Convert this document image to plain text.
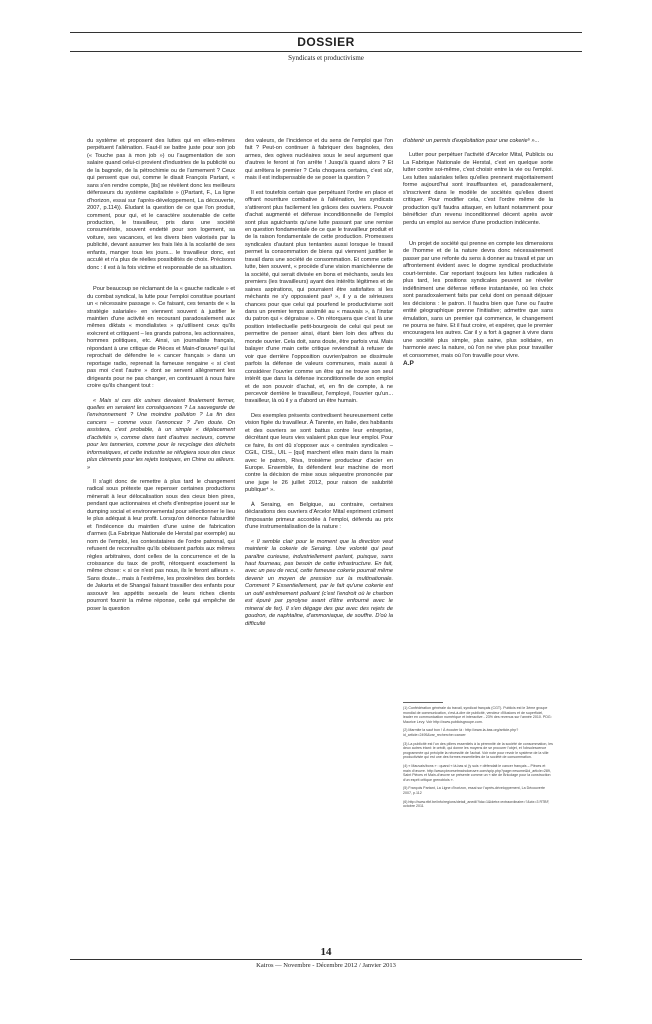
DOSSIER
Syndicats et productivisme

du système et proposent des luttes qui en elles-mêmes perpétuent l'aliénation. Faut-il se battre juste pour son job (« Touche pas à mon job ») ou l'augmentation de son salaire quand celui-ci provient d'industries de la publicité ou de la bagnole, de la pétrochimie ou de l'armement ? Ceux qui pensent que oui, comme le disait François Partant, « sans s'en rendre compte, [ils] se révèlent donc les meilleurs défenseurs du système capitaliste » ((Partant, F., La ligne d'horizon, essai sur l'après-développement, La découverte, 2007, p.114)). Éludant la question de ce que l'on produit, comment, pour qui, et le caractère soutenable de cette production, le travailleur, pris dans une société consumériste, souvent endetté pour son logement, sa voiture, ses vacances, et les divers bien valorisés par la publicité, devant assumer les frais liés à la scolarité de ses enfants, manger tous les jours... le travailleur donc, est acculé et n'a plus de réelles possibilités de choix. Précisons donc : il est à la fois victime et responsable de sa situation.

Pour beaucoup se réclamant de la « gauche radicale » et du combat syndical, la lutte pour l'emploi constitue pourtant un « nécessaire passage ». Ce faisant, ces tenants de « la stratégie salariale» en viennent souvent à justifier le maintien d'une activité en recourant paradoxalement aux mêmes diktats « mondialistes » qu'utilisent ceux qu'ils exècrent et critiquent – les grands patrons, les actionnaires, hommes politiques, etc. Ainsi, un journaliste français, répondant à une critique de Pièces et Main-d'œuvre² qui lui reprochait de défendre le « cancer français » dans un reportage radio, reprenait la fameuse rengaine « si c'est pas moi c'est l'autre » dont se servent allègrement les dirigeants pour ne pas changer, en continuant à nous faire croire qu'ils changent tout :

« Mais si ces dix usines devaient finalement fermer, quelles en seraient les conséquences ? La sauvegarde de l'environnement ? Une moindre pollution ? La fin des cancers – comme vous l'annoncez ? J'en doute. On assistera, c'est probable, à un simple « déplacement d'activités », comme dans tant d'autres secteurs, comme pour les tanneries, comme pour le recyclage des déchets informatiques, et cette industrie se réfugiera sous des cieux plus cléments pour les rejets toxiques, en Chine ou ailleurs. »

Il s'agit donc de remettre à plus tard le changement radical sous prétexte que repenser certaines productions mènerait à leur délocalisation sous des cieux bien pires, pendant que actionnaires et chefs d'entreprise jouent sur le dumping social et environnemental pour sélectionner le lieu le plus adéquat à leur profit. Lorsqu'on dénonce l'absurdité et l'indécence du maintien d'une usine de fabrication d'armes (La Fabrique Nationale de Herstal par exemple) au nom de l'emploi, les contestataires de l'ordre patronal, qui refusent de reconnaître qu'ils obéissent parfois aux mêmes règles arbitraires, dont celles de la concurrence et de la croissance du taux de profit, rétorquent exactement la même chose: « si ce n'est pas nous, ils le feront ailleurs ». Sans doute... mais à l'extrême, les proxénètes des bordels de Jakarta et de Shangaï faisant travailler des enfants pour assouvir les appétits sexuels de leurs riches clients pourront fournir la même réponse, celle qui empêche de poser la question

des valeurs, de l'incidence et du sens de l'emploi que l'on fait ? Peut-on continuer à fabriquer des bagnoles, des armes, des ogives nucléaires sous le seul argument que d'autres le feront si l'on arrête ! Jusqu'à quand alors ? Et qui arrêtera le premier ? Cela choquera certains, c'est sûr, mais il est indispensable de se poser la question ?

Il est toutefois certain que perpétuant l'ordre en place et offrant nourriture combative à l'aliénation, les syndicats s'attireront plus facilement les grâces des ouvriers. Pouvoir d'achat augmenté et défense inconditionnelle de l'emploi sont plus aguichants qu'une lutte passant par une remise en question fondamentale de ce que le travailleur produit et de la raison fondamentale de cette production. Promesses syndicales d'autant plus tentantes aussi lorsque le travail permet la consommation de biens qui viennent justifier le travail dans une société de consommation. Et comme cette lutte, bien souvent, « procède d'une vision manichéenne de la société, qui serait divisée en bons et méchants, seuls les premiers (les travailleurs) ayant des intérêts légitimes et de saines aspirations, qui pourraient être satisfaites si les méchants ne s'y opposaient pas³ », il y a de sérieuses chances pour que celui qui pourfend le productivisme soit dans un premier temps assimilé au « mauvais », à l'instar du patron qui « dégraisse ». On rétorquera que c'est là une position intellectuelle petit-bourgeois de celui qui peut se permettre de penser ainsi, étant bien loin des affres du monde ouvrier. Cela doit, sans doute, être parfois vrai. Mais balayer d'une main cette critique reviendrait à refuser de voir que derrière l'opposition ouvrier/patron se dissimule parfois la défense de valeurs communes, mais aussi à considérer l'ouvrier comme un être qui ne trouve son seul intérêt que dans la défense inconditionnelle de son emploi et de son pouvoir d'achat, et, en fin de compte, à ne percevoir derrière le travailleur, l'employé, l'ouvrier qu'un... travailleur, là où il y a d'abord un être humain.

Des exemples présents contredisent heureusement cette vision figée du travailleur. À Tarente, en Italie, des habitants et des ouvriers se sont battus contre leur entreprise, décrétant que leurs vies valaient plus que leur emploi. Pour ce faire, ils ont dû s'opposer aux « centrales syndicales – CGIL, CISL, UIL – [qui] marchent elles main dans la main avec le patron, Riva, troisième producteur d'acier en Europe. Ensemble, ils défendent leur machine de mort contre la décision de mise sous séquestre prononcée par une juge le 26 juillet 2012, pour raison de salubrité publique⁴ ».

À Seraing, en Belgique, au contraire, certaines déclarations des ouvriers d'Arcelor Mital expriment crûment l'imposante primeur accordée à l'emploi, défendu au prix d'une instrumentalisation de la nature :

« Il semble clair pour le moment que la direction veut maintenir la cokerie de Seraing. Une volonté qui peut paraître curieuse, industriellement parlant, puisque, sans haut fourneau, pas besoin de cette infrastructure. En fait, avec un peu de recul, cette fameuse cokerie pourrait même devenir un moyen de pression sur la multinationale. Comment ? Essentiellement, par le fait qu'une cokerie est un outil extrêmement polluant (c'est l'endroit où le charbon est épuré par pyrolyse avant d'être enfourné avec le minerai de fer). Il s'en dégage des gaz avec des rejets de goudron, de naphtaline, d'ammoniaque, de souffre. D'où la difficulté

d'obtenir un permis d'exploitation pour une cokerie⁵ »...

Lutter pour perpétuer l'activité d'Arcelor Mital, Publicis ou La Fabrique Nationale de Herstal, c'est en quelque sorte lutter contre soi-même, c'est choisir entre la vie ou l'emploi. Les luttes salariales telles qu'elles prennent majoritairement forme aujourd'hui sont insuffisantes et, paradoxalement, s'inscrivent dans le modèle de sociétés qu'elles disent critiquer. Pour modifier cela, c'est l'ordre même de la production qu'il faudra attaquer, en luttant notamment pour bénéficier d'un revenu inconditionnel décent après avoir perdu un emploi au service d'une production indécente.

Un projet de société qui prenne en compte les dimensions de l'homme et de la nature devra donc nécessairement passer par une refonte du sens à donner au travail et par un affrontement évident avec le dogme syndical productiviste court-terniste. Car reportant toujours les luttes radicales à plus tard, les positions syndicales peuvent se révéler indéfiniment une défense réflexe instantanée, où les choix sont paradoxalement faits par celui dont on pensait déjouer les décisions : le patron. Il faudra bien que l'une ou l'autre entité géographique prenne l'initiative; admettre que sans émulation, sans un premier qui commence, le changement ne pourra se faire. Et il faut croire, et espérer, que le premier encouragera les autres. Car il y a fort à gagner à vivre dans une société plus simple, plus saine, plus solidaire, en harmonie avec la nature, où l'on ne vive plus pour travailler et consommer, mais où l'on travaille pour vivre.

A.P

(1) Confédération générale du travail, syndicat français (CGT). Publicis est le 3ème groupe mondial de communication, c'est-à-dire de publicité, vendeur d'illusions et de superficiel, leader en communication numérique et interactive - 23% des revenus sur l'année 2010. PDG: Maurice Levy. Voir http://www.publicisgroupe.com.

(2) Marmite la sauf bon ! À écouter là : http://www.la-bas.org/article.php?id_article=2495&var_recherche=cancer

(3) La publicité est l'un des piliers essentiels à la pérennité de la société de consommation, les deux autres étant: le crédit, qui donne les moyens de se procurer l'objet, et l'obsolescence programmée qui précipite la nécessité de l'achat. Voir note pour revoir le système de la ville productiviste qui est une des formes essentielles de la société de consommation.

(4) « Mauvais/bons » : quand « là-bas si j'y suis » défendait le cancer français – Pièces et main d'œuvre. http://www.piecesetmaindoeuvre.com/spip.php?page=resume&id_article=289, Saint Pièces et Main-d'œuvre se présente comme un « site de Bricolage pour la construction d'un esprit critique grenoblois ».

(5) François Partant, La Ligne d'horizon, essai sur l'après-développement, La Découverte 2007, p.112

(6) http://www.rtbf.be/info/regions/detail_anedi/?ida=1&idetrz=extraordinaire=?&ctx=3 RTBF, octobre 2011

14
Kairos — Novembre - Décembre 2012 / Janvier 2013
